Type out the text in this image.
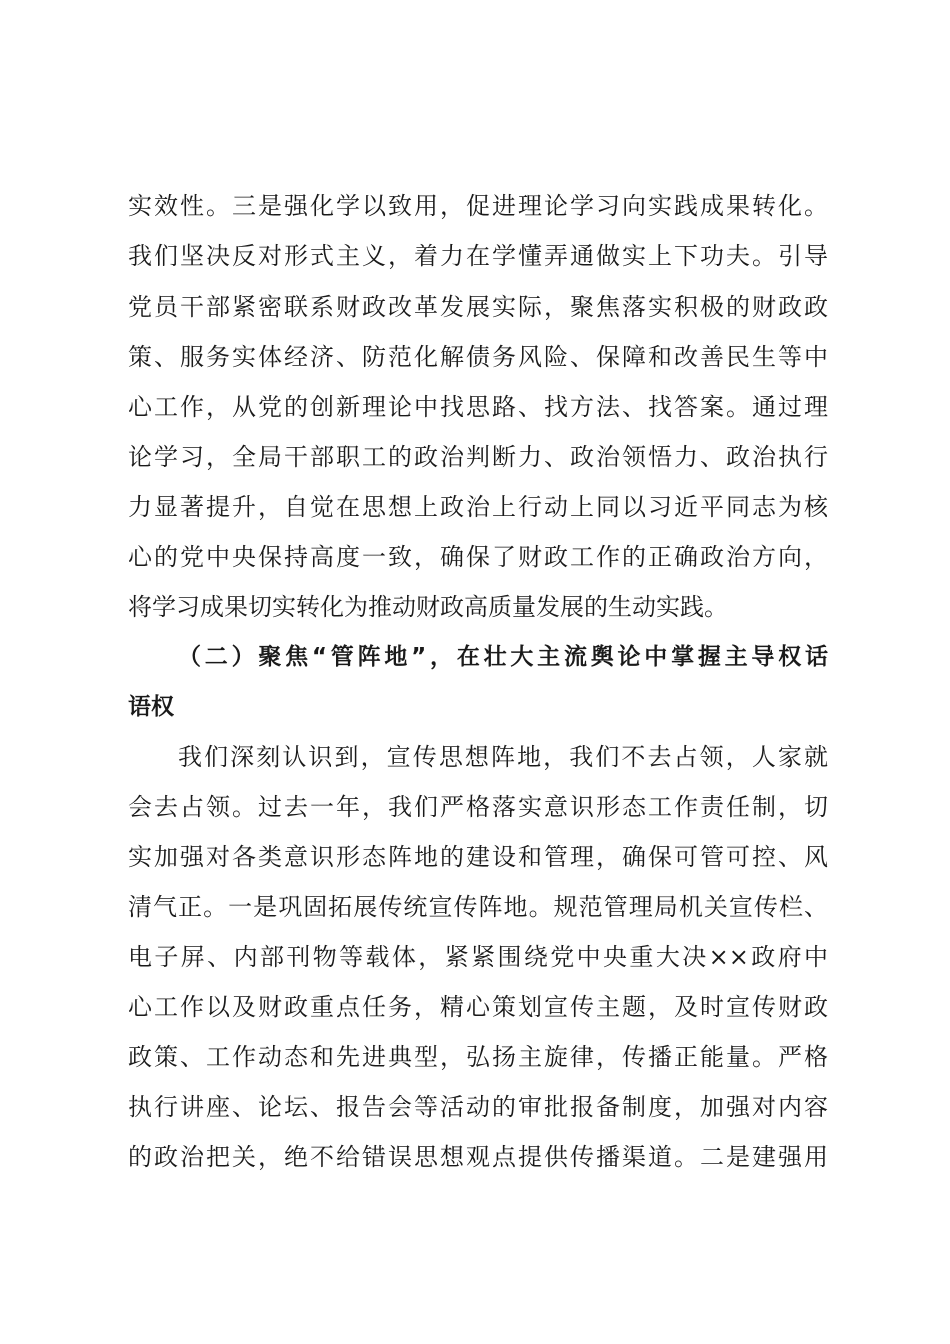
实效性。三是强化学以致用，促进理论学习向实践成果转化。
我们坚决反对形式主义，着力在学懂弄通做实上下功夫。引导
党员干部紧密联系财政改革发展实际，聚焦落实积极的财政政
策、服务实体经济、防范化解债务风险、保障和改善民生等中
心工作，从党的创新理论中找思路、找方法、找答案。通过理
论学习，全局干部职工的政治判断力、政治领悟力、政治执行
力显著提升，自觉在思想上政治上行动上同以习近平同志为核
心的党中央保持高度一致，确保了财政工作的正确政治方向，
将学习成果切实转化为推动财政高质量发展的生动实践。
（二）聚焦“管阵地”，在壮大主流舆论中掌握主导权话
语权
我们深刻认识到，宣传思想阵地，我们不去占领，人家就
会去占领。过去一年，我们严格落实意识形态工作责任制，切
实加强对各类意识形态阵地的建设和管理，确保可管可控、风
清气正。一是巩固拓展传统宣传阵地。规范管理局机关宣传栏、
电子屏、内部刊物等载体，紧紧围绕党中央重大决××政府中
心工作以及财政重点任务，精心策划宣传主题，及时宣传财政
政策、工作动态和先进典型，弘扬主旋律，传播正能量。严格
执行讲座、论坛、报告会等活动的审批报备制度，加强对内容
的政治把关，绝不给错误思想观点提供传播渠道。二是建强用
